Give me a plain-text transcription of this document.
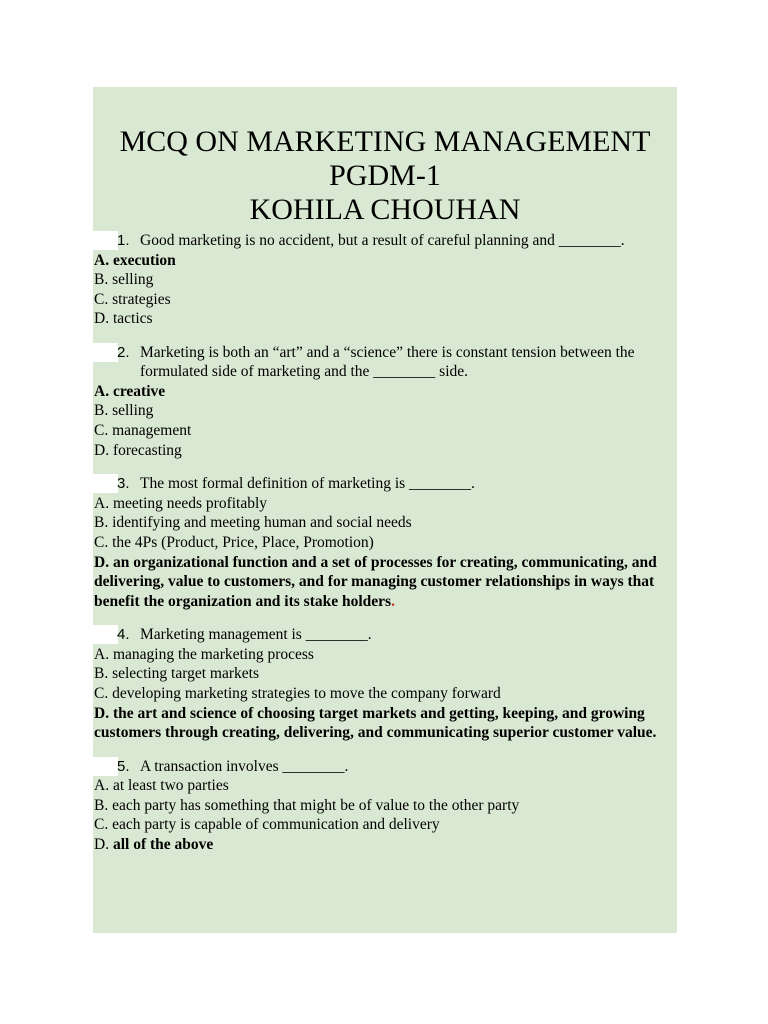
MCQ ON MARKETING MANAGEMENT
PGDM-1
KOHILA CHOUHAN
1. Good marketing is no accident, but a result of careful planning and ________.
A. execution
B. selling
C. strategies
D. tactics
2. Marketing is both an “art” and a “science” there is constant tension between the formulated side of marketing and the ________ side.
A. creative
B. selling
C. management
D. forecasting
3. The most formal definition of marketing is ________.
A. meeting needs profitably
B. identifying and meeting human and social needs
C. the 4Ps (Product, Price, Place, Promotion)
D. an organizational function and a set of processes for creating, communicating, and delivering, value to customers, and for managing customer relationships in ways that benefit the organization and its stake holders.
4. Marketing management is ________.
A. managing the marketing process
B. selecting target markets
C. developing marketing strategies to move the company forward
D. the art and science of choosing target markets and getting, keeping, and growing customers through creating, delivering, and communicating superior customer value.
5. A transaction involves ________.
A. at least two parties
B. each party has something that might be of value to the other party
C. each party is capable of communication and delivery
D. all of the above
